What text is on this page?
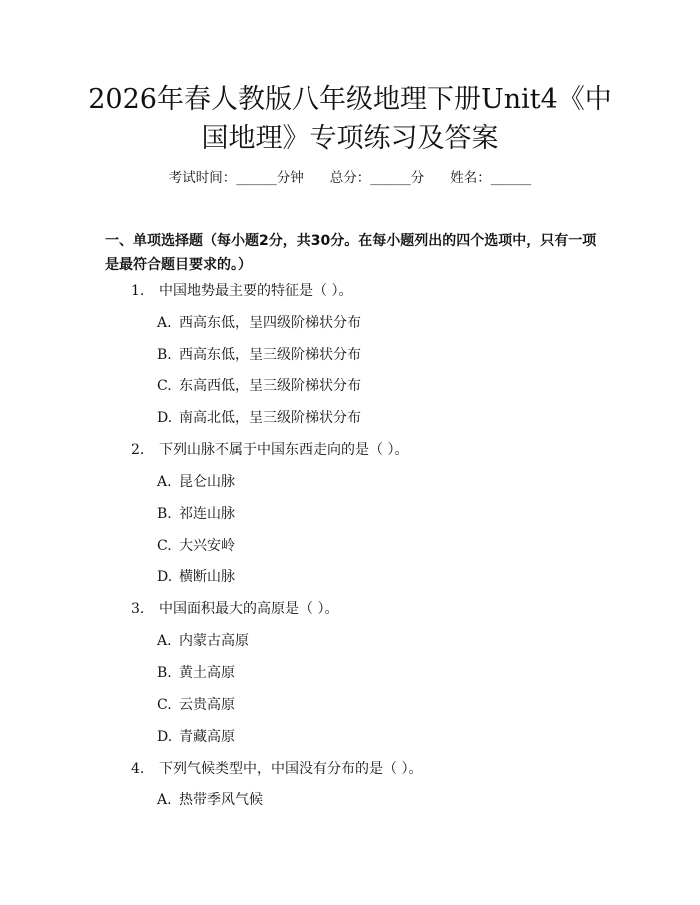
2026年春人教版八年级地理下册Unit4《中
国地理》专项练习及答案
考试时间：______分钟 总分：______分 姓名：______
一、单项选择题（每小题2分，共30分。在每小题列出的四个选项中，只有一项
是最符合题目要求的。）
1. 中国地势最主要的特征是（ ）。
A. 西高东低，呈四级阶梯状分布
B. 西高东低，呈三级阶梯状分布
C. 东高西低，呈三级阶梯状分布
D. 南高北低，呈三级阶梯状分布
2. 下列山脉不属于中国东西走向的是（ ）。
A. 昆仑山脉
B. 祁连山脉
C. 大兴安岭
D. 横断山脉
3. 中国面积最大的高原是（ ）。
A. 内蒙古高原
B. 黄土高原
C. 云贵高原
D. 青藏高原
4. 下列气候类型中，中国没有分布的是（ ）。
A. 热带季风气候
